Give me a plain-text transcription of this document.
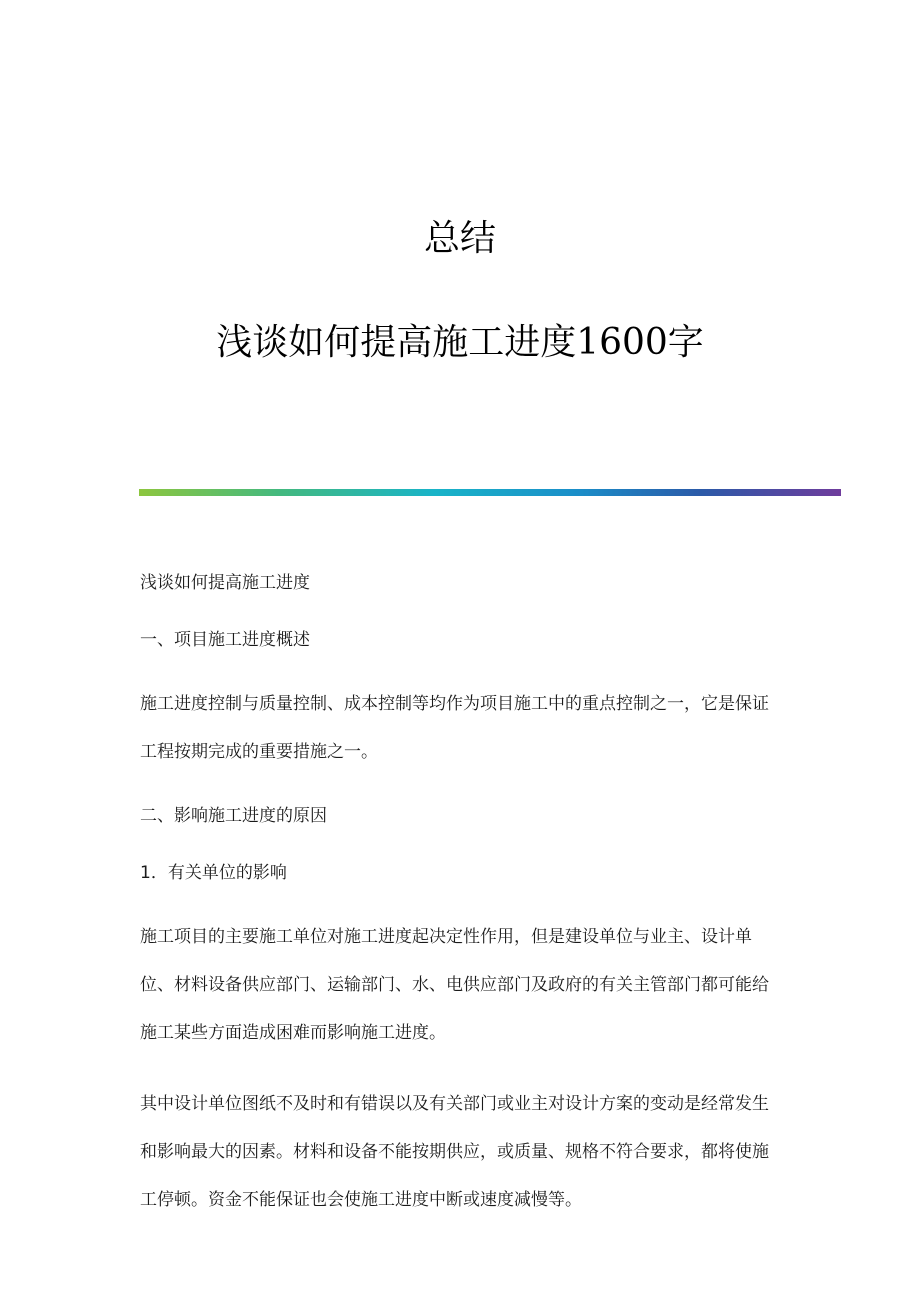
总结
浅谈如何提高施工进度1600字

浅谈如何提高施工进度

一、项目施工进度概述

施工进度控制与质量控制、成本控制等均作为项目施工中的重点控制之一，它是保证工程按期完成的重要措施之一。

二、影响施工进度的原因

1．有关单位的影响

施工项目的主要施工单位对施工进度起决定性作用，但是建设单位与业主、设计单位、材料设备供应部门、运输部门、水、电供应部门及政府的有关主管部门都可能给施工某些方面造成困难而影响施工进度。

其中设计单位图纸不及时和有错误以及有关部门或业主对设计方案的变动是经常发生和影响最大的因素。材料和设备不能按期供应，或质量、规格不符合要求，都将使施工停顿。资金不能保证也会使施工进度中断或速度减慢等。
